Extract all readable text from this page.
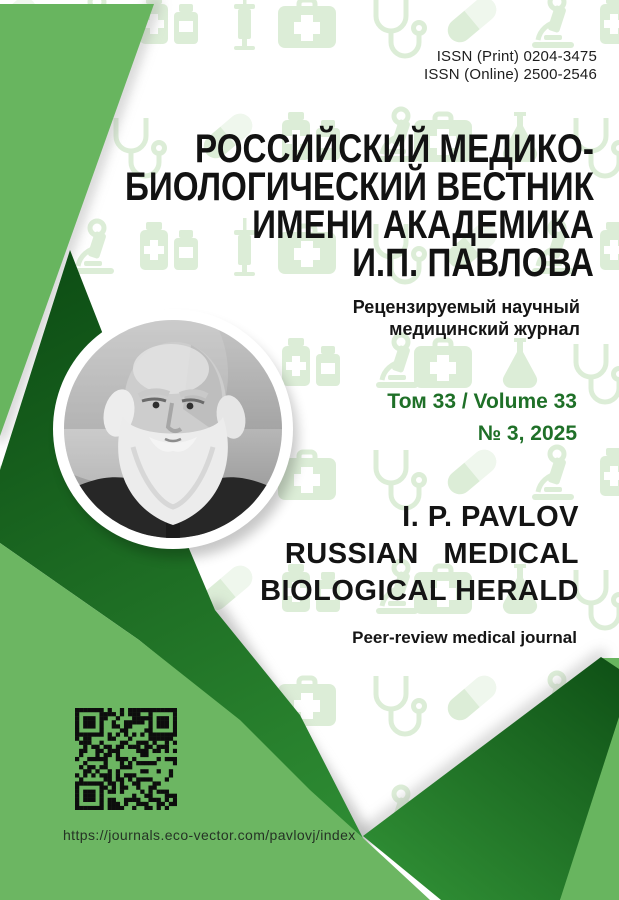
ISSN (Print) 0204-3475
ISSN (Online) 2500-2546
РОССИЙСКИЙ МЕДИКО-
БИОЛОГИЧЕСКИЙ ВЕСТНИК
ИМЕНИ АКАДЕМИКА
И.П. ПАВЛОВА
Рецензируемый научный
медицинский журнал
Том 33 / Volume 33
№ 3, 2025
I. P. PAVLOV
RUSSIAN MEDICAL
BIOLOGICAL HERALD
Peer-review medical journal
https://journals.eco-vector.com/pavlovj/index
